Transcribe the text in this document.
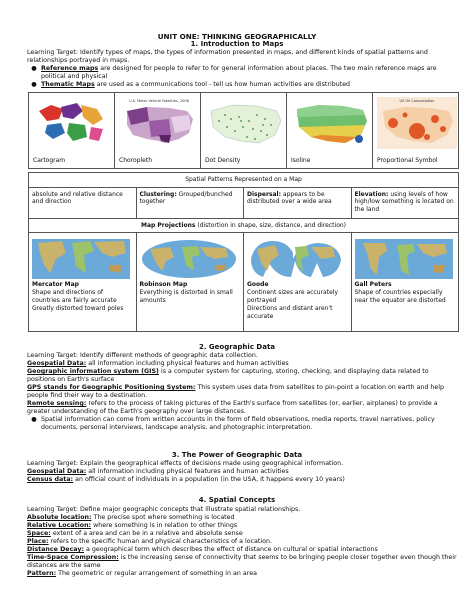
UNIT ONE: THINKING GEOGRAPHICALLY
1. Introduction to Maps

Learning Target: Identify types of maps, the types of information presented in maps, and different kinds of spatial patterns and relationships portrayed in maps.

● Reference maps are designed for people to refer to for general information about places. The two main reference maps are political and physical
● Thematic Maps are used as a communications tool - tell us how human activities are distributed
Cartogram
U.S. Motor Vehicle Fatalities, 2008
Choropleth	Dot Density	Isoline
US Oil Consumption
Proportional Symbol
Spatial Patterns Represented on a Map
absolute and relative distance and direction
Clustering: Grouped/bunched together
Dispersal: appears to be distributed over a wide area
Elevation: using levels of how high/low something is located on the land
Map Projections (distortion in shape, size, distance, and direction)
Mercator Map
Shape and directions of countries are fairly accurate
Greatly distorted toward poles
Robinson Map
Everything is distorted in small amounts
Goode
Continent sizes are accurately portrayed
Directions and distant aren't accurate
Gall Peters
Shape of countries especially near the equator are distorted
2. Geographic Data

Learning Target: Identify different methods of geographic data collection.

Geospatial Data: all information including physical features and human activities

Geographic information system (GIS) is a computer system for capturing, storing, checking, and displaying data related to positions on Earth's surface

GPS stands for Geographic Positioning System: This system uses data from satellites to pin-point a location on earth and help people find their way to a destination.

Remote sensing: refers to the process of taking pictures of the Earth's surface from satellites (or, earlier, airplanes) to provide a greater understanding of the Earth's geography over large distances.

● Spatial information can come from written accounts in the form of field observations, media reports, travel narratives, policy documents, personal interviews, landscape analysis, and photographic interpretation.
3. The Power of Geographic Data

Learning Target: Explain the geographical effects of decisions made using geographical information.

Geospatial Data: all information including physical features and human activities

Census data: an official count of individuals in a population (in the USA, it happens every 10 years)

4. Spatial Concepts

Learning Target: Define major geographic concepts that illustrate spatial relationships.

Absolute location: The precise spot where something is located

Relative Location: where something is in relation to other things

Space: extent of a area and can be in a relative and absolute sense

Place: refers to the specific human and physical characteristics of a location.

Distance Decay: a geographical term which describes the effect of distance on cultural or spatial interactions

Time-Space Compression: is the increasing sense of connectivity that seems to be bringing people closer together even though their distances are the same

Pattern: The geometric or regular arrangement of something in an area
